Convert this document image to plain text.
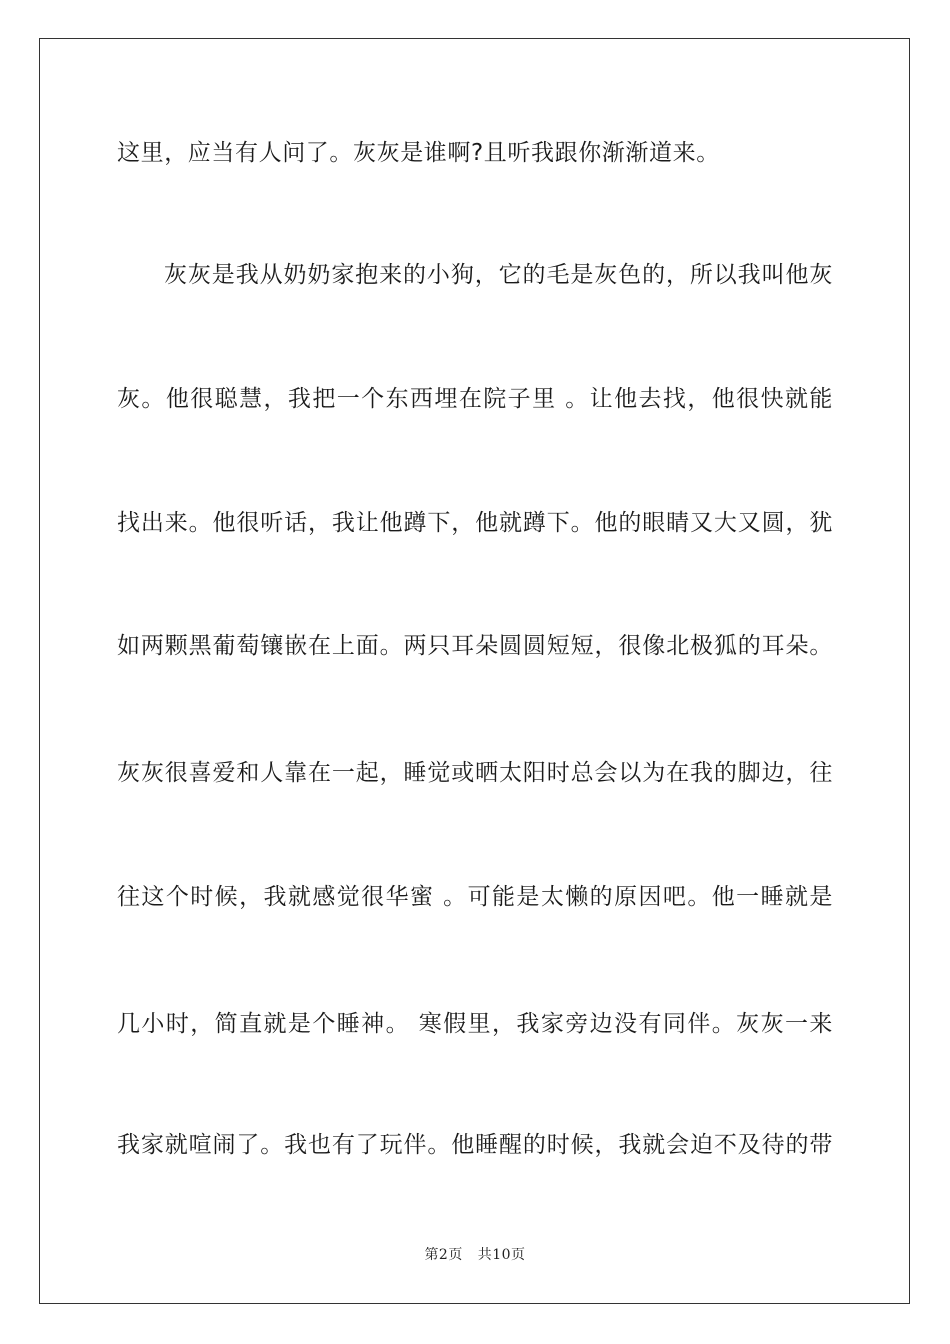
这里，应当有人问了。灰灰是谁啊?且听我跟你渐渐道来。
灰灰是我从奶奶家抱来的小狗，它的毛是灰色的，所以我叫他灰
灰。他很聪慧，我把一个东西埋在院子里 。让他去找，他很快就能
找出来。他很听话，我让他蹲下，他就蹲下。他的眼睛又大又圆，犹
如两颗黑葡萄镶嵌在上面。两只耳朵圆圆短短，很像北极狐的耳朵。
灰灰很喜爱和人靠在一起，睡觉或晒太阳时总会以为在我的脚边，往
往这个时候，我就感觉很华蜜 。可能是太懒的原因吧。他一睡就是
几小时，简直就是个睡神。 寒假里，我家旁边没有同伴。灰灰一来
我家就喧闹了。我也有了玩伴。他睡醒的时候，我就会迫不及待的带
第2页 共10页
